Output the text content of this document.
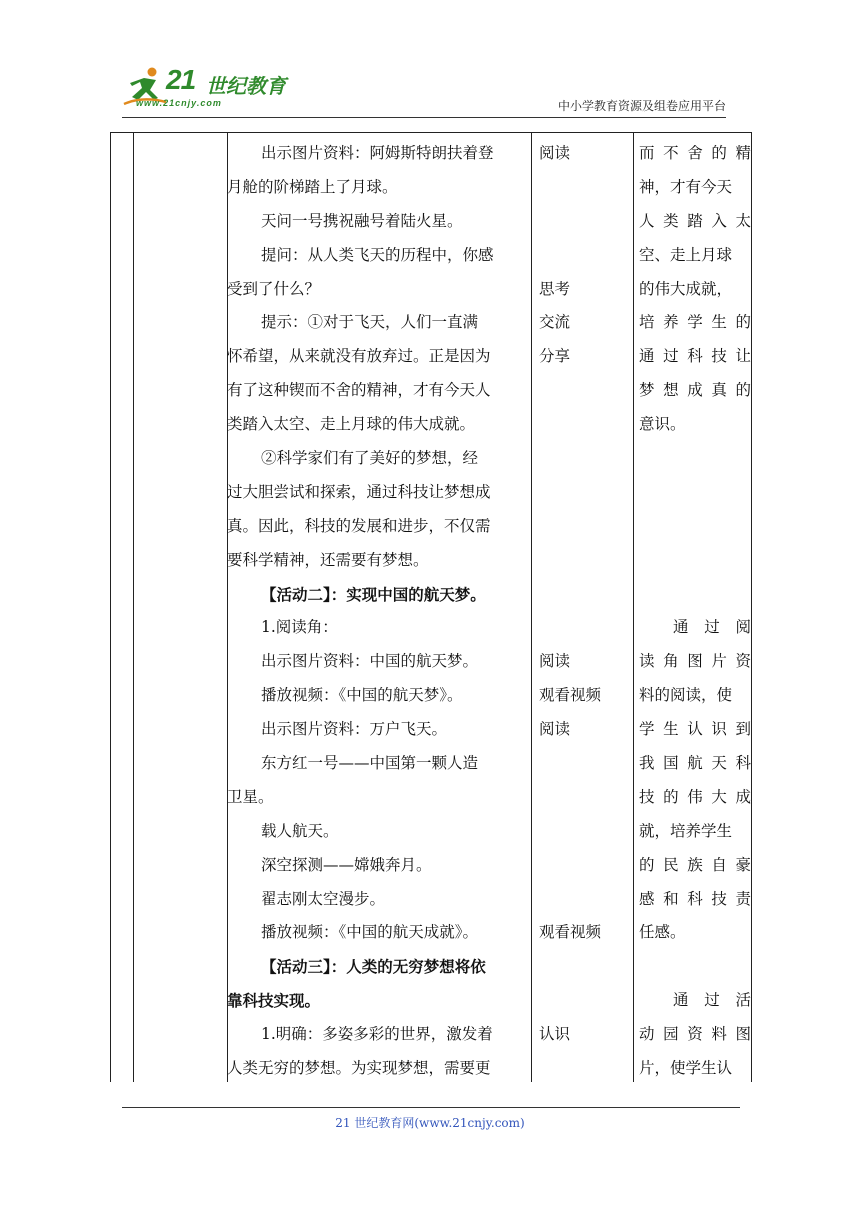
21 世纪教育
www.21cnjy.com	中小学教育资源及组卷应用平台
出示图片资料：阿姆斯特朗扶着登
月舱的阶梯踏上了月球。
天问一号携祝融号着陆火星。
提问：从人类飞天的历程中，你感
受到了什么？
提示：①对于飞天，人们一直满
怀希望，从来就没有放弃过。正是因为
有了这种锲而不舍的精神，才有今天人
类踏入太空、走上月球的伟大成就。
②科学家们有了美好的梦想，经
过大胆尝试和探索，通过科技让梦想成
真。因此，科技的发展和进步，不仅需
要科学精神，还需要有梦想。
【活动二】：实现中国的航天梦。
1.阅读角：
出示图片资料：中国的航天梦。
播放视频：《中国的航天梦》。
出示图片资料：万户飞天。
东方红一号——中国第一颗人造
卫星。
载人航天。
深空探测——嫦娥奔月。
翟志刚太空漫步。
播放视频：《中国的航天成就》。
【活动三】：人类的无穷梦想将依
靠科技实现。
1.明确：多姿多彩的世界，激发着
人类无穷的梦想。为实现梦想，需要更
阅读
思考
交流
分享
阅读
观看视频
阅读
观看视频
认识
而 不 舍 的 精
神，才有今天
人 类 踏 入 太
空、走上月球
的伟大成就，
培 养 学 生 的
通 过 科 技 让
梦 想 成 真 的
意识。
通 过 阅
读 角 图 片 资
料的阅读，使
学 生 认 识 到
我 国 航 天 科
技 的 伟 大 成
就，培养学生
的 民 族 自 豪
感 和 科 技 责
任感。
通 过 活
动 园 资 料 图
片，使学生认
21 世纪教育网(www.21cnjy.com)
